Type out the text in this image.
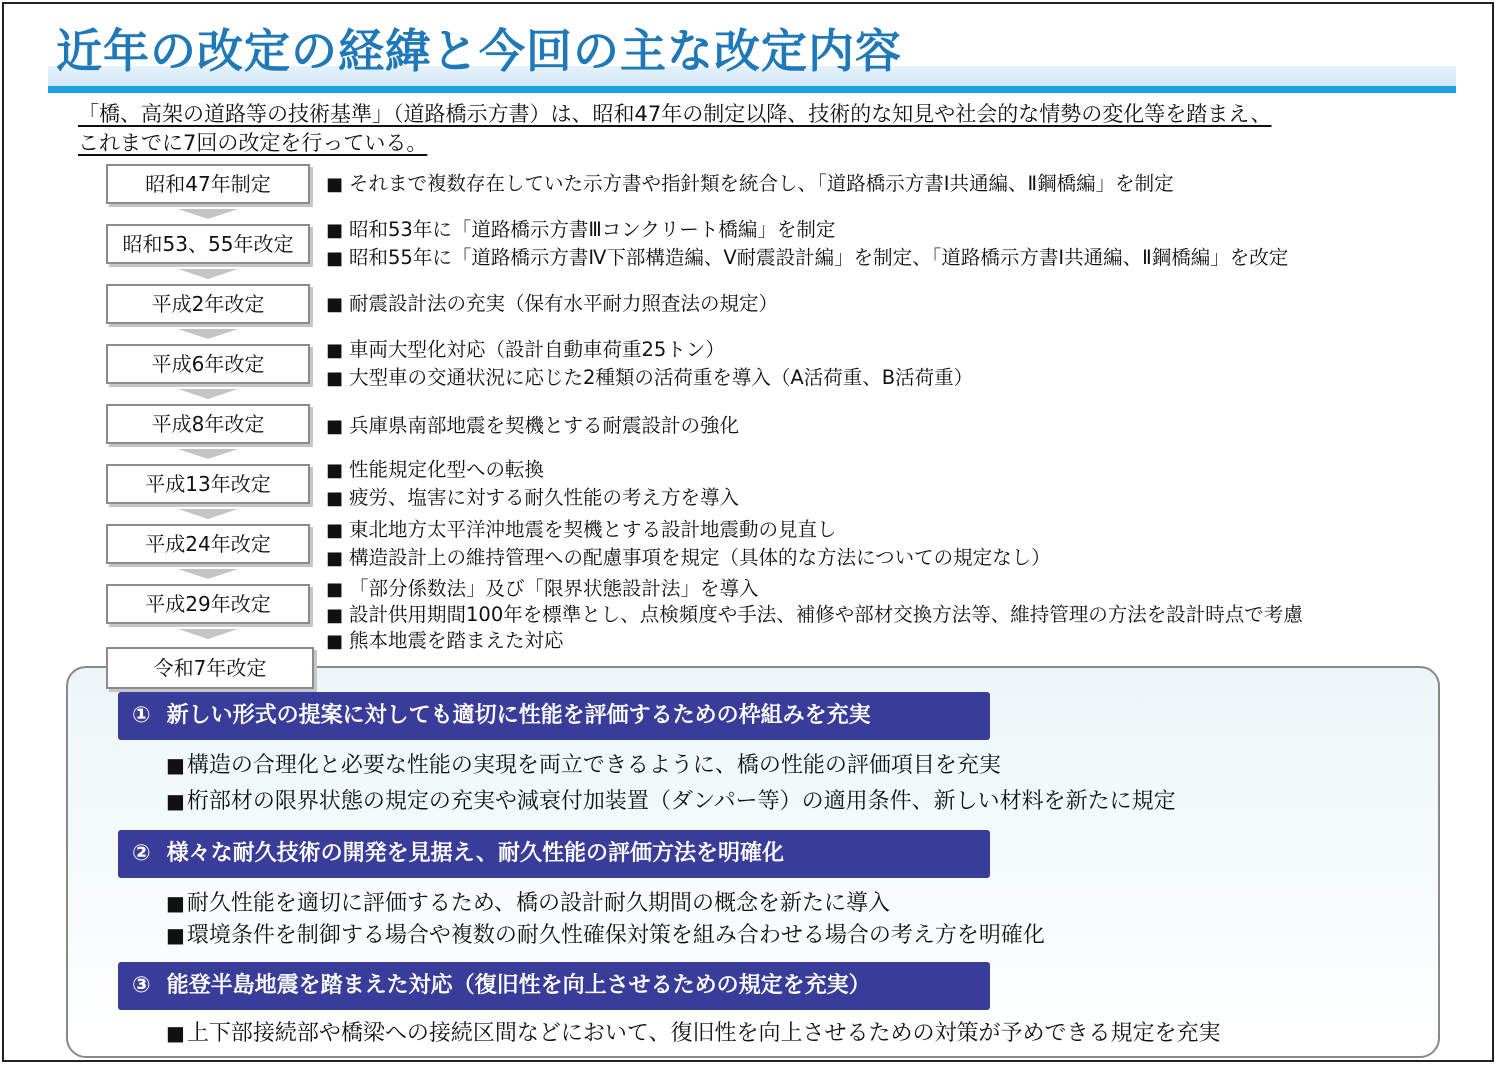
近年の改定の経緯と今回の主な改定内容
「橋、高架の道路等の技術基準」（道路橋示方書）は、昭和47年の制定以降、技術的な知見や社会的な情勢の変化等を踏まえ、
これまでに7回の改定を行っている。
昭和47年制定
昭和53、55年改定
平成2年改定
平成6年改定
平成8年改定
平成13年改定
平成24年改定
平成29年改定
■ それまで複数存在していた示方書や指針類を統合し、「道路橋示方書Ⅰ共通編、Ⅱ鋼橋編」を制定
■ 昭和53年に「道路橋示方書Ⅲコンクリート橋編」を制定
■ 昭和55年に「道路橋示方書Ⅳ下部構造編、Ⅴ耐震設計編」を制定、「道路橋示方書Ⅰ共通編、Ⅱ鋼橋編」を改定
■ 耐震設計法の充実（保有水平耐力照査法の規定）
■ 車両大型化対応（設計自動車荷重25トン）
■ 大型車の交通状況に応じた2種類の活荷重を導入（A活荷重、B活荷重）
■ 兵庫県南部地震を契機とする耐震設計の強化
■ 性能規定化型への転換
■ 疲労、塩害に対する耐久性能の考え方を導入
■ 東北地方太平洋沖地震を契機とする設計地震動の見直し
■ 構造設計上の維持管理への配慮事項を規定（具体的な方法についての規定なし）
■ 「部分係数法」及び「限界状態設計法」を導入
■ 設計供用期間100年を標準とし、点検頻度や手法、補修や部材交換方法等、維持管理の方法を設計時点で考慮
■ 熊本地震を踏まえた対応
令和7年改定
① 新しい形式の提案に対しても適切に性能を評価するための枠組みを充実
■構造の合理化と必要な性能の実現を両立できるように、橋の性能の評価項目を充実
■桁部材の限界状態の規定の充実や減衰付加装置（ダンパー等）の適用条件、新しい材料を新たに規定
② 様々な耐久技術の開発を見据え、耐久性能の評価方法を明確化
■耐久性能を適切に評価するため、橋の設計耐久期間の概念を新たに導入
■環境条件を制御する場合や複数の耐久性確保対策を組み合わせる場合の考え方を明確化
③ 能登半島地震を踏まえた対応（復旧性を向上させるための規定を充実）
■上下部接続部や橋梁への接続区間などにおいて、復旧性を向上させるための対策が予めできる規定を充実
